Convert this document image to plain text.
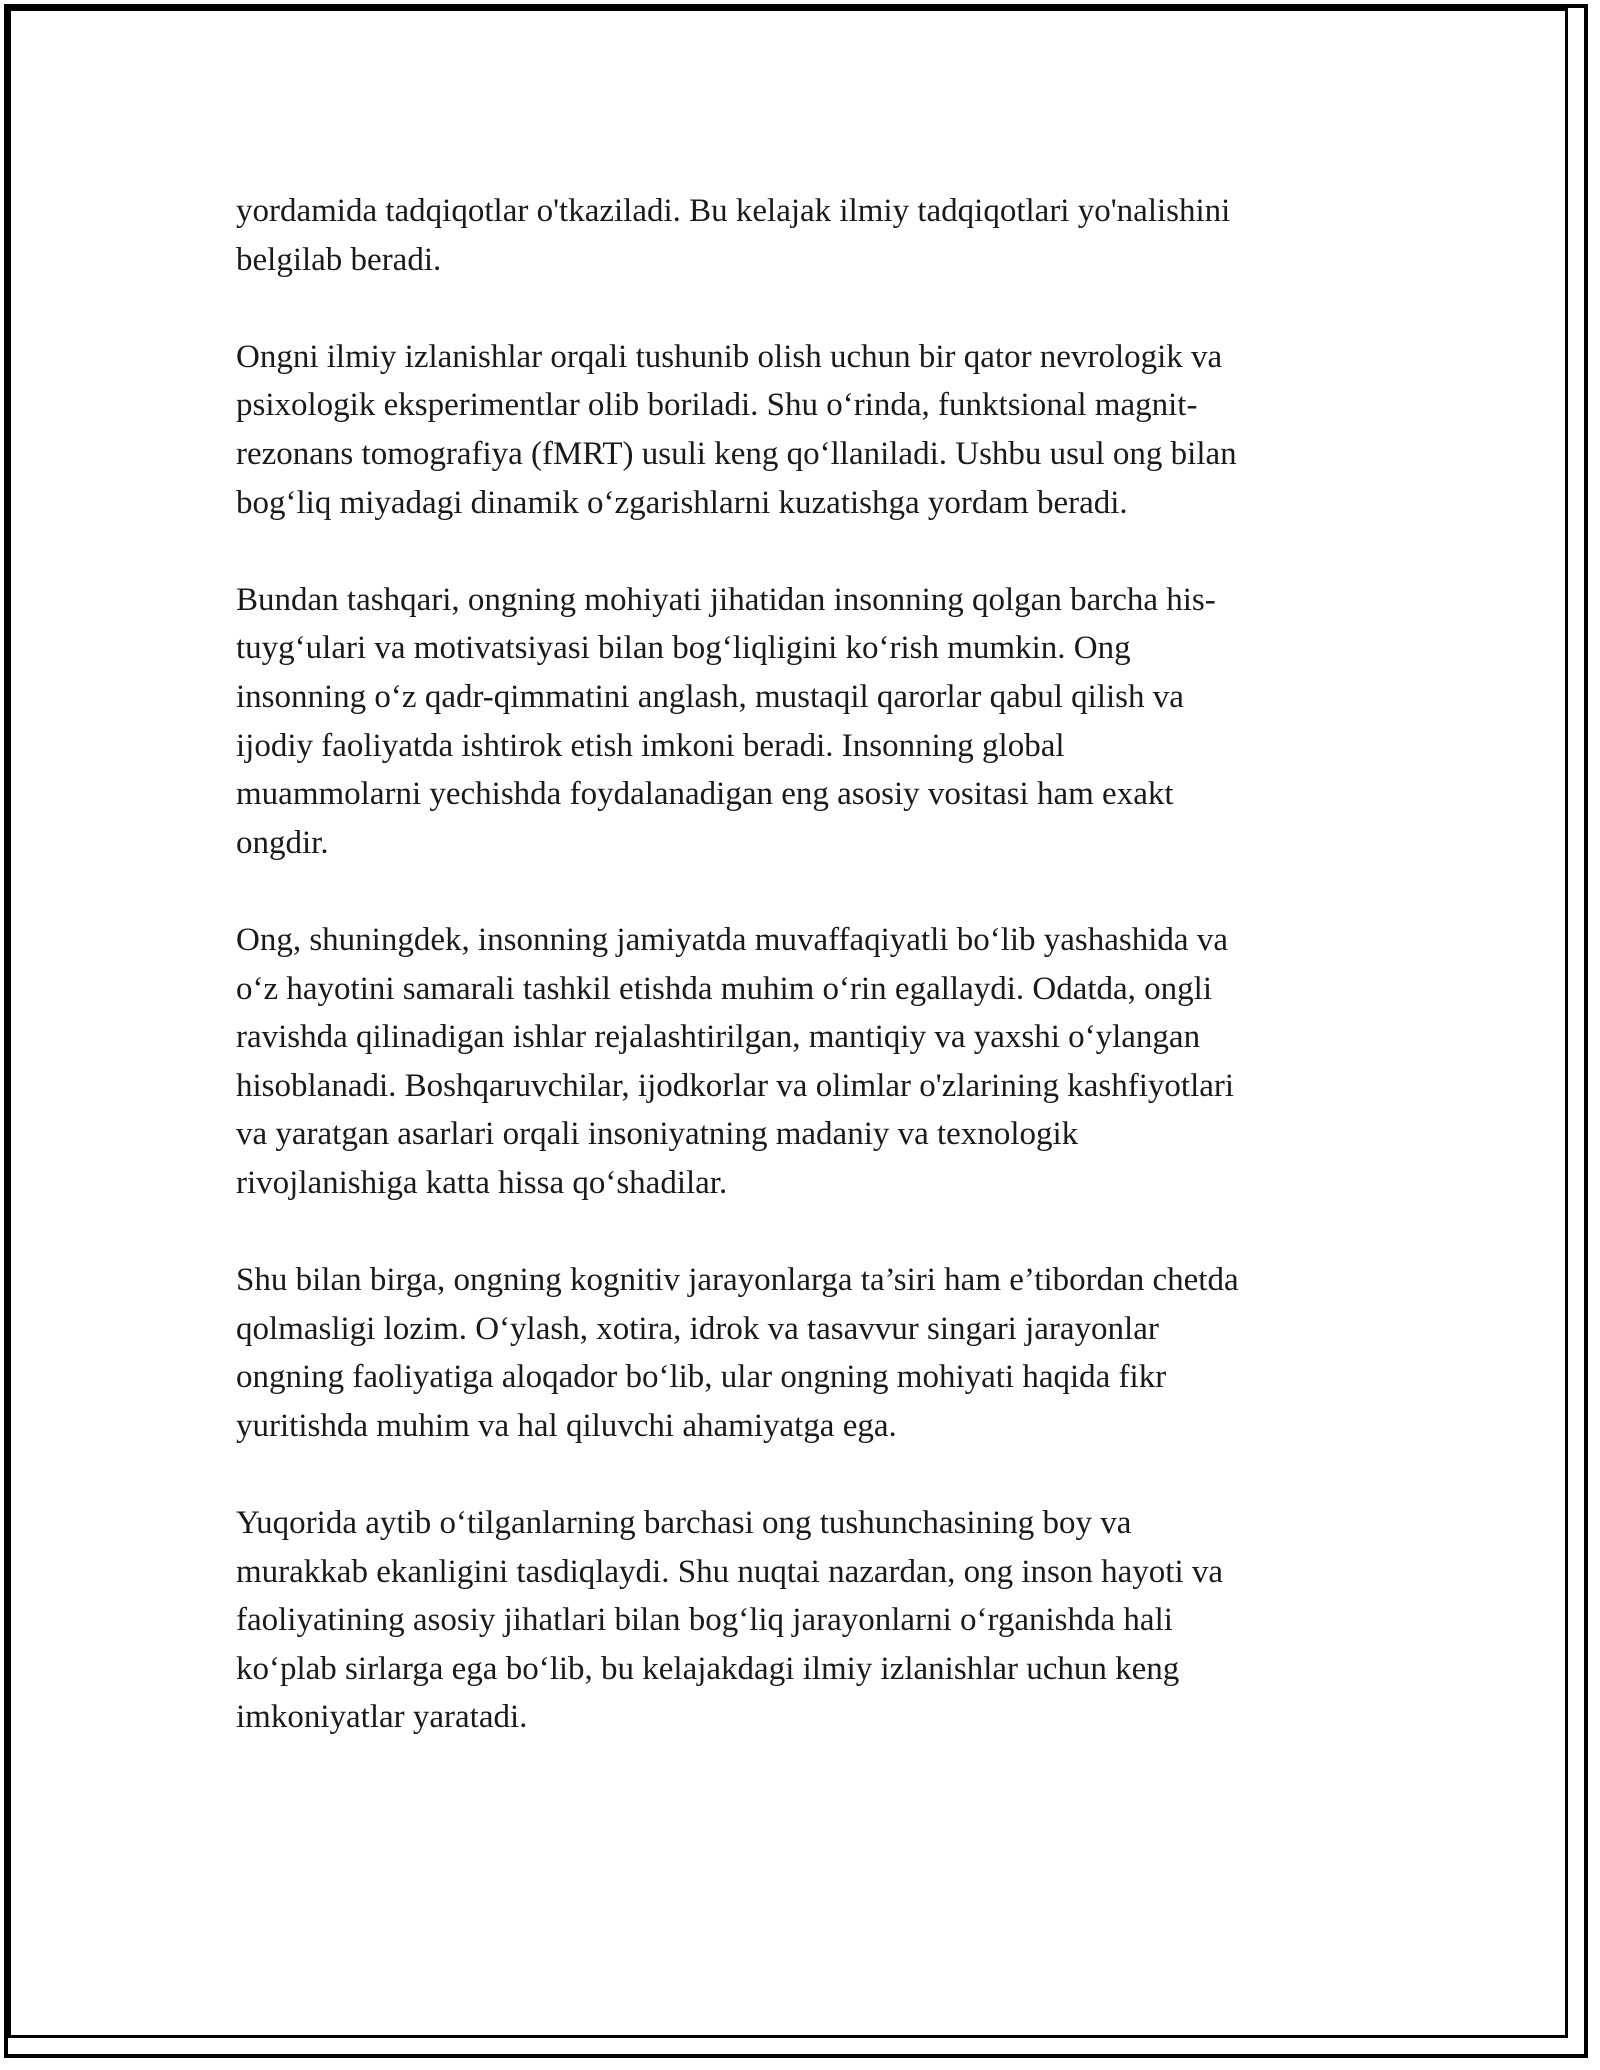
yordamida tadqiqotlar o'tkaziladi. Bu kelajak ilmiy tadqiqotlari yo'nalishini
belgilab beradi.

Ongni ilmiy izlanishlar orqali tushunib olish uchun bir qator nevrologik va
psixologik eksperimentlar olib boriladi. Shu o‘rinda, funktsional magnit-
rezonans tomografiya (fMRT) usuli keng qo‘llaniladi. Ushbu usul ong bilan
bog‘liq miyadagi dinamik o‘zgarishlarni kuzatishga yordam beradi.

Bundan tashqari, ongning mohiyati jihatidan insonning qolgan barcha his-
tuyg‘ulari va motivatsiyasi bilan bog‘liqligini ko‘rish mumkin. Ong
insonning o‘z qadr-qimmatini anglash, mustaqil qarorlar qabul qilish va
ijodiy faoliyatda ishtirok etish imkoni beradi. Insonning global
muammolarni yechishda foydalanadigan eng asosiy vositasi ham exakt
ongdir.

Ong, shuningdek, insonning jamiyatda muvaffaqiyatli bo‘lib yashashida va
o‘z hayotini samarali tashkil etishda muhim o‘rin egallaydi. Odatda, ongli
ravishda qilinadigan ishlar rejalashtirilgan, mantiqiy va yaxshi o‘ylangan
hisoblanadi. Boshqaruvchilar, ijodkorlar va olimlar o'zlarining kashfiyotlari
va yaratgan asarlari orqali insoniyatning madaniy va texnologik
rivojlanishiga katta hissa qo‘shadilar.

Shu bilan birga, ongning kognitiv jarayonlarga ta’siri ham e’tibordan chetda
qolmasligi lozim. O‘ylash, xotira, idrok va tasavvur singari jarayonlar
ongning faoliyatiga aloqador bo‘lib, ular ongning mohiyati haqida fikr
yuritishda muhim va hal qiluvchi ahamiyatga ega.

Yuqorida aytib o‘tilganlarning barchasi ong tushunchasining boy va
murakkab ekanligini tasdiqlaydi. Shu nuqtai nazardan, ong inson hayoti va
faoliyatining asosiy jihatlari bilan bog‘liq jarayonlarni o‘rganishda hali
ko‘plab sirlarga ega bo‘lib, bu kelajakdagi ilmiy izlanishlar uchun keng
imkoniyatlar yaratadi.
